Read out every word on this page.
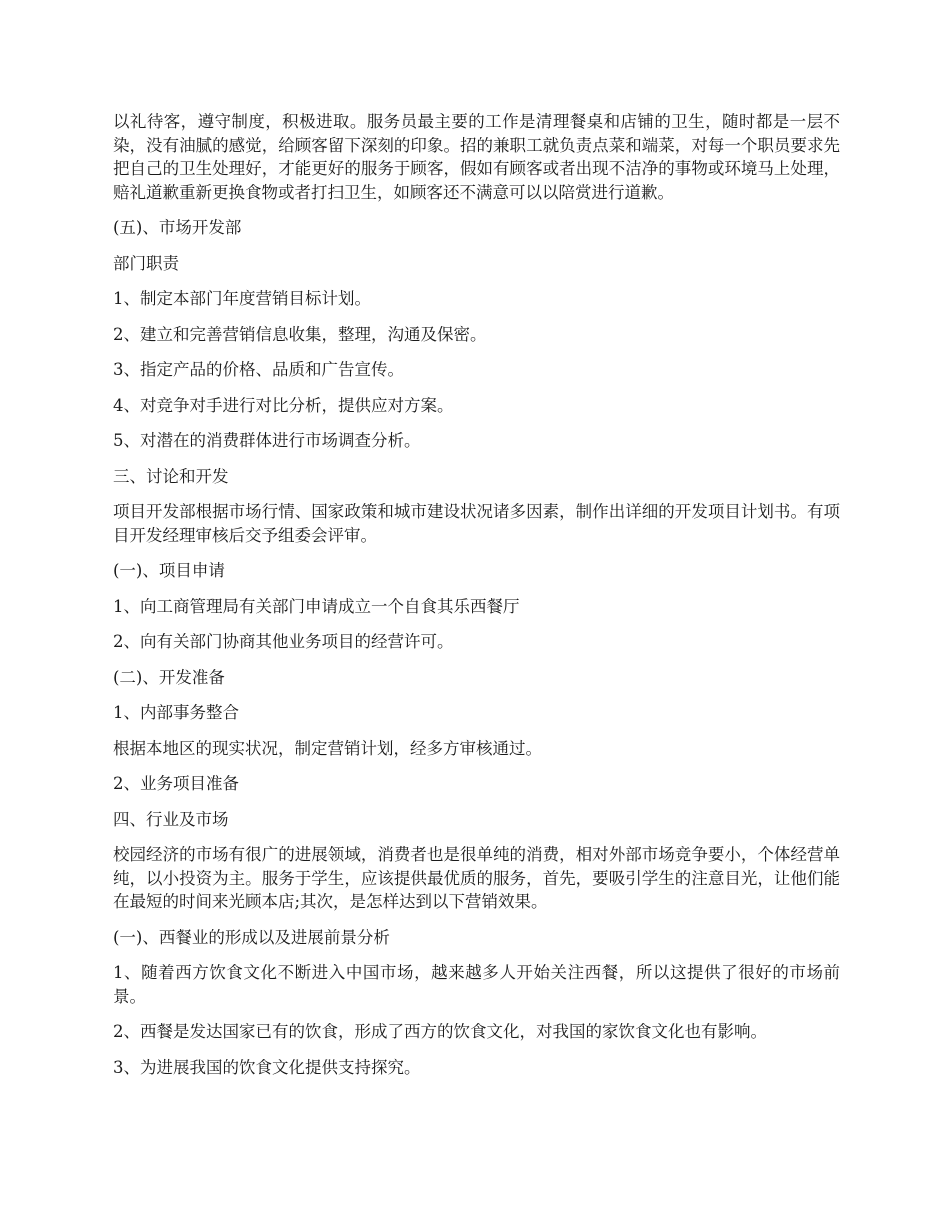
以礼待客，遵守制度，积极进取。服务员最主要的工作是清理餐桌和店铺的卫生，随时都是一层不染，没有油腻的感觉，给顾客留下深刻的印象。招的兼职工就负责点菜和端菜，对每一个职员要求先把自己的卫生处理好，才能更好的服务于顾客，假如有顾客或者出现不洁净的事物或环境马上处理，赔礼道歉重新更换食物或者打扫卫生，如顾客还不满意可以以陪赏进行道歉。

(五)、市场开发部

部门职责

1、制定本部门年度营销目标计划。

2、建立和完善营销信息收集，整理，沟通及保密。

3、指定产品的价格、品质和广告宣传。

4、对竞争对手进行对比分析，提供应对方案。

5、对潜在的消费群体进行市场调查分析。

三、讨论和开发

项目开发部根据市场行情、国家政策和城市建设状况诸多因素，制作出详细的开发项目计划书。有项目开发经理审核后交予组委会评审。

(一)、项目申请

1、向工商管理局有关部门申请成立一个自食其乐西餐厅

2、向有关部门协商其他业务项目的经营许可。

(二)、开发准备

1、内部事务整合

根据本地区的现实状况，制定营销计划，经多方审核通过。

2、业务项目准备

四、行业及市场

校园经济的市场有很广的进展领域，消费者也是很单纯的消费，相对外部市场竞争要小，个体经营单纯，以小投资为主。服务于学生，应该提供最优质的服务，首先，要吸引学生的注意目光，让他们能在最短的时间来光顾本店;其次，是怎样达到以下营销效果。

(一)、西餐业的形成以及进展前景分析

1、随着西方饮食文化不断进入中国市场，越来越多人开始关注西餐，所以这提供了很好的市场前景。

2、西餐是发达国家已有的饮食，形成了西方的饮食文化，对我国的家饮食文化也有影响。

3、为进展我国的饮食文化提供支持探究。
